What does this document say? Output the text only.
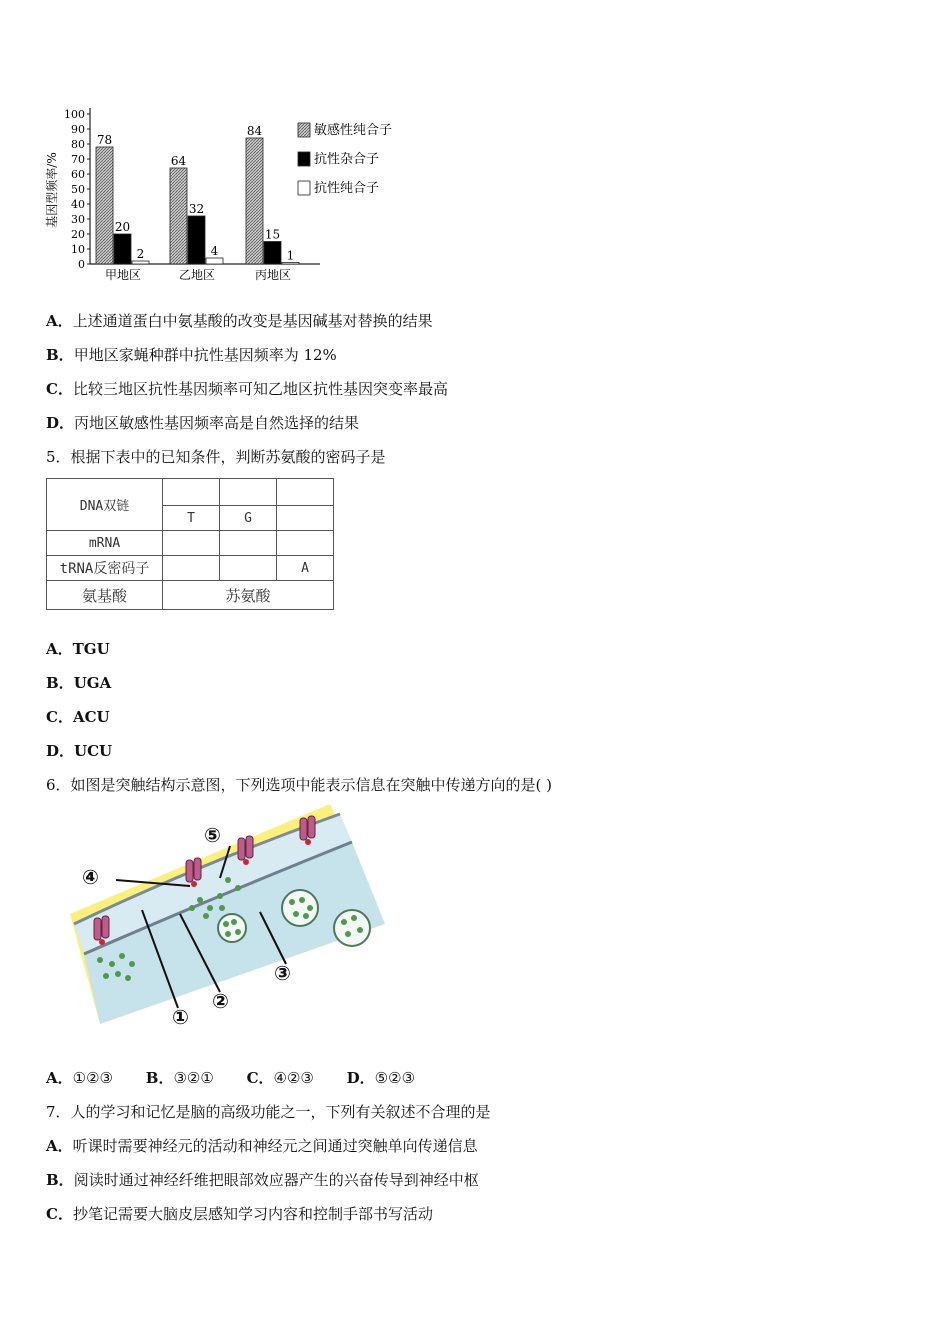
基因型频率/%
0
10
20
30
40
50
60
70
80
90
100
78
20
2
甲地区
64
32
4
乙地区
84
15
1
丙地区
敏感性纯合子
抗性杂合子
抗性纯合子
A．上述通道蛋白中氨基酸的改变是基因碱基对替换的结果
B．甲地区家蝇种群中抗性基因频率为 12%
C．比较三地区抗性基因频率可知乙地区抗性基因突变率最高
D．丙地区敏感性基因频率高是自然选择的结果
5．根据下表中的已知条件，判断苏氨酸的密码子是
DNA双链			
	T	G	
mRNA			
tRNA反密码子			A
氨基酸	苏氨酸		
A．TGU
B．UGA
C．ACU
D．UCU
6．如图是突触结构示意图，下列选项中能表示信息在突触中传递方向的是( )
④
⑤
①
②
③
A．①②③ B．③②① C．④②③ D．⑤②③
7．人的学习和记忆是脑的高级功能之一，下列有关叙述不合理的是
A．听课时需要神经元的活动和神经元之间通过突触单向传递信息
B．阅读时通过神经纤维把眼部效应器产生的兴奋传导到神经中枢
C．抄笔记需要大脑皮层感知学习内容和控制手部书写活动
